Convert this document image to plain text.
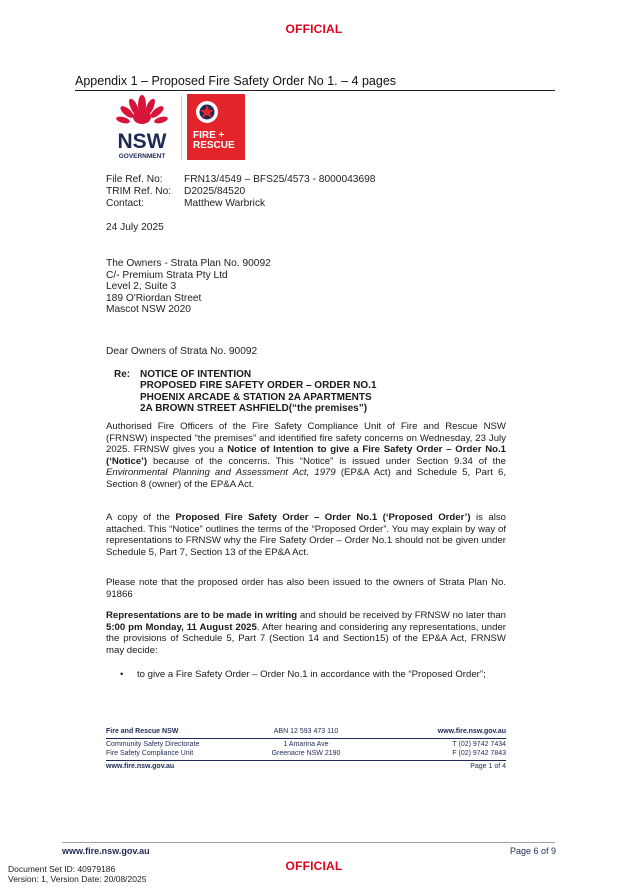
OFFICIAL
Appendix 1 – Proposed Fire Safety Order No 1. – 4 pages
NSW
GOVERNMENT
FIRE +
RESCUE
File Ref. No: FRN13/4549 – BFS25/4573 - 8000043698
TRIM Ref. No: D2025/84520
Contact:	Matthew Warbrick
24 July 2025
The Owners - Strata Plan No. 90092
C/- Premium Strata Pty Ltd
Level 2, Suite 3
189 O'Riordan Street
Mascot NSW 2020
Dear Owners of Strata No. 90092
Re: NOTICE OF INTENTION
PROPOSED FIRE SAFETY ORDER – ORDER NO.1
PHOENIX ARCADE & STATION 2A APARTMENTS
2A BROWN STREET ASHFIELD(“the premises”)
Authorised Fire Officers of the Fire Safety Compliance Unit of Fire and Rescue NSW (FRNSW) inspected “the premises” and identified fire safety concerns on Wednesday, 23 July 2025. FRNSW gives you a Notice of Intention to give a Fire Safety Order – Order No.1 (‘Notice’) because of the concerns. This “Notice” is issued under Section 9.34 of the Environmental Planning and Assessment Act, 1979 (EP&A Act) and Schedule 5, Part 6, Section 8 (owner) of the EP&A Act.
A copy of the Proposed Fire Safety Order – Order No.1 (‘Proposed Order’) is also attached. This “Notice” outlines the terms of the “Proposed Order”. You may explain by way of representations to FRNSW why the Fire Safety Order – Order No.1 should not be given under Schedule 5, Part 7, Section 13 of the EP&A Act.
Please note that the proposed order has also been issued to the owners of Strata Plan No. 91866
Representations are to be made in writing and should be received by FRNSW no later than 5:00 pm Monday, 11 August 2025. After hearing and considering any representations, under the provisions of Schedule 5, Part 7 (Section 14 and Section15) of the EP&A Act, FRNSW may decide:
• to give a Fire Safety Order – Order No.1 in accordance with the “Proposed Order”;
Fire and Rescue NSW	ABN 12 593 473 110	www.fire.nsw.gov.au
Community Safety Directorate	1 Amarina Ave	T (02) 9742 7434
Fire Safety Compliance Unit	Greenacre NSW 2190	F (02) 9742 7843
www.fire.nsw.gov.au	Page 1 of 4
www.fire.nsw.gov.au	Page 6 of 9
OFFICIAL
Document Set ID: 40979186
Version: 1, Version Date: 20/08/2025
